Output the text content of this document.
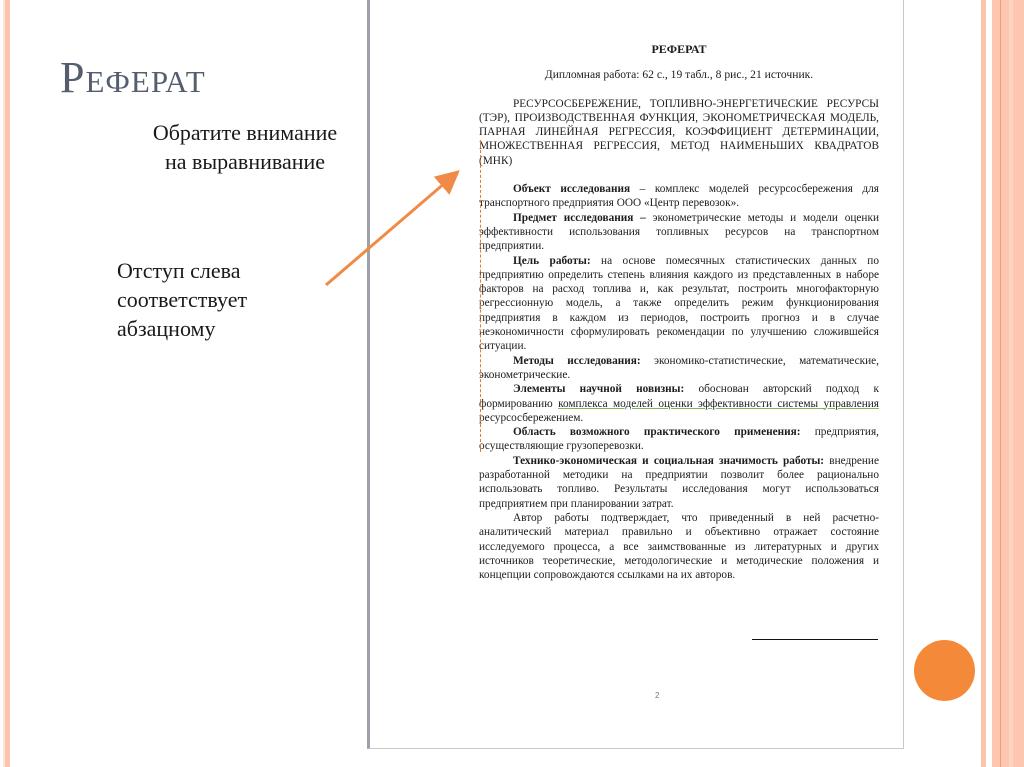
Реферат
Обратите внимание на выравнивание
Отступ слева соответствует абзацному

РЕФЕРАТ

Дипломная работа: 62 с., 19 табл., 8 рис., 21 источник.

РЕСУРСОСБЕРЕЖЕНИЕ, ТОПЛИВНО-ЭНЕРГЕТИЧЕСКИЕ РЕСУРСЫ (ТЭР), ПРОИЗВОДСТВЕННАЯ ФУНКЦИЯ, ЭКОНОМЕТРИЧЕСКАЯ МОДЕЛЬ, ПАРНАЯ ЛИНЕЙНАЯ РЕГРЕССИЯ, КОЭФФИЦИЕНТ ДЕТЕРМИНАЦИИ, МНОЖЕСТВЕННАЯ РЕГРЕССИЯ, МЕТОД НАИМЕНЬШИХ КВАДРАТОВ (МНК)

Объект исследования – комплекс моделей ресурсосбережения для транспортного предприятия ООО «Центр перевозок».

Предмет исследования – эконометрические методы и модели оценки эффективности использования топливных ресурсов на транспортном предприятии.

Цель работы: на основе помесячных статистических данных по предприятию определить степень влияния каждого из представленных в наборе факторов на расход топлива и, как результат, построить многофакторную регрессионную модель, а также определить режим функционирования предприятия в каждом из периодов, построить прогноз и в случае неэкономичности сформулировать рекомендации по улучшению сложившейся ситуации.

Методы исследования: экономико-статистические, математические, эконометрические.

Элементы научной новизны: обоснован авторский подход к формированию комплекса моделей оценки эффективности системы управления ресурсосбережением.

Область возможного практического применения: предприятия, осуществляющие грузоперевозки.

Технико-экономическая и социальная значимость работы: внедрение разработанной методики на предприятии позволит более рационально использовать топливо. Результаты исследования могут использоваться предприятием при планировании затрат.

Автор работы подтверждает, что приведенный в ней расчетно-аналитический материал правильно и объективно отражает состояние исследуемого процесса, а все заимствованные из литературных и других источников теоретические, методологические и методические положения и концепции сопровождаются ссылками на их авторов.

2
